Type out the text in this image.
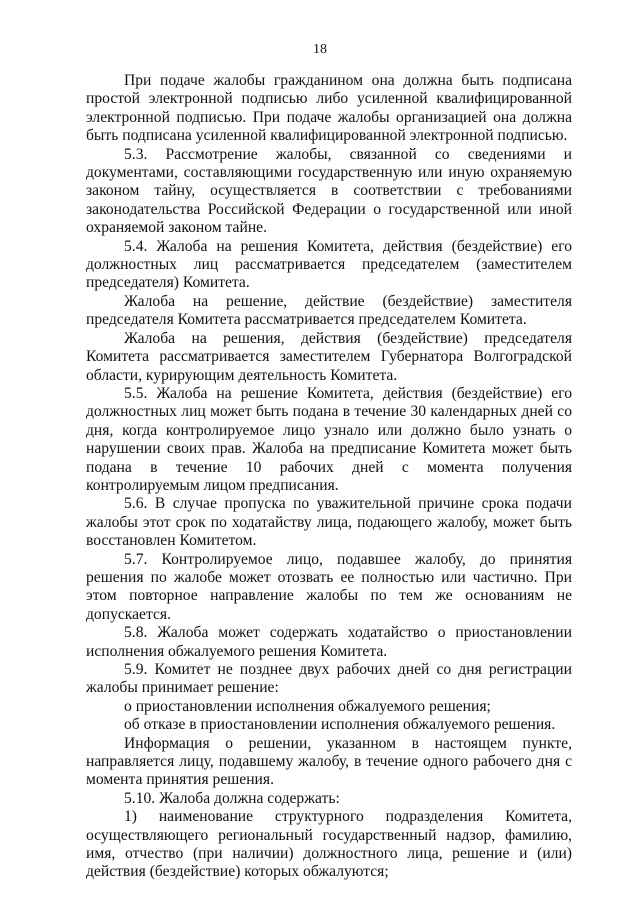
18

При подаче жалобы гражданином она должна быть подписана простой электронной подписью либо усиленной квалифицированной электронной подписью. При подаче жалобы организацией она должна быть подписана усиленной квалифицированной электронной подписью.

5.3. Рассмотрение жалобы, связанной со сведениями и документами, составляющими государственную или иную охраняемую законом тайну, осуществляется в соответствии с требованиями законодательства Российской Федерации о государственной или иной охраняемой законом тайне.

5.4. Жалоба на решения Комитета, действия (бездействие) его должностных лиц рассматривается председателем (заместителем председателя) Комитета.

Жалоба на решение, действие (бездействие) заместителя председателя Комитета рассматривается председателем Комитета.

Жалоба на решения, действия (бездействие) председателя Комитета рассматривается заместителем Губернатора Волгоградской области, курирующим деятельность Комитета.

5.5. Жалоба на решение Комитета, действия (бездействие) его должностных лиц может быть подана в течение 30 календарных дней со дня, когда контролируемое лицо узнало или должно было узнать о нарушении своих прав. Жалоба на предписание Комитета может быть подана в течение 10 рабочих дней с момента получения контролируемым лицом предписания.

5.6. В случае пропуска по уважительной причине срока подачи жалобы этот срок по ходатайству лица, подающего жалобу, может быть восстановлен Комитетом.

5.7. Контролируемое лицо, подавшее жалобу, до принятия решения по жалобе может отозвать ее полностью или частично. При этом повторное направление жалобы по тем же основаниям не допускается.

5.8. Жалоба может содержать ходатайство о приостановлении исполнения обжалуемого решения Комитета.

5.9. Комитет не позднее двух рабочих дней со дня регистрации жалобы принимает решение:

о приостановлении исполнения обжалуемого решения;

об отказе в приостановлении исполнения обжалуемого решения.

Информация о решении, указанном в настоящем пункте, направляется лицу, подавшему жалобу, в течение одного рабочего дня с момента принятия решения.

5.10. Жалоба должна содержать:

1) наименование структурного подразделения Комитета, осуществляющего региональный государственный надзор, фамилию, имя, отчество (при наличии) должностного лица, решение и (или) действия (бездействие) которых обжалуются;
